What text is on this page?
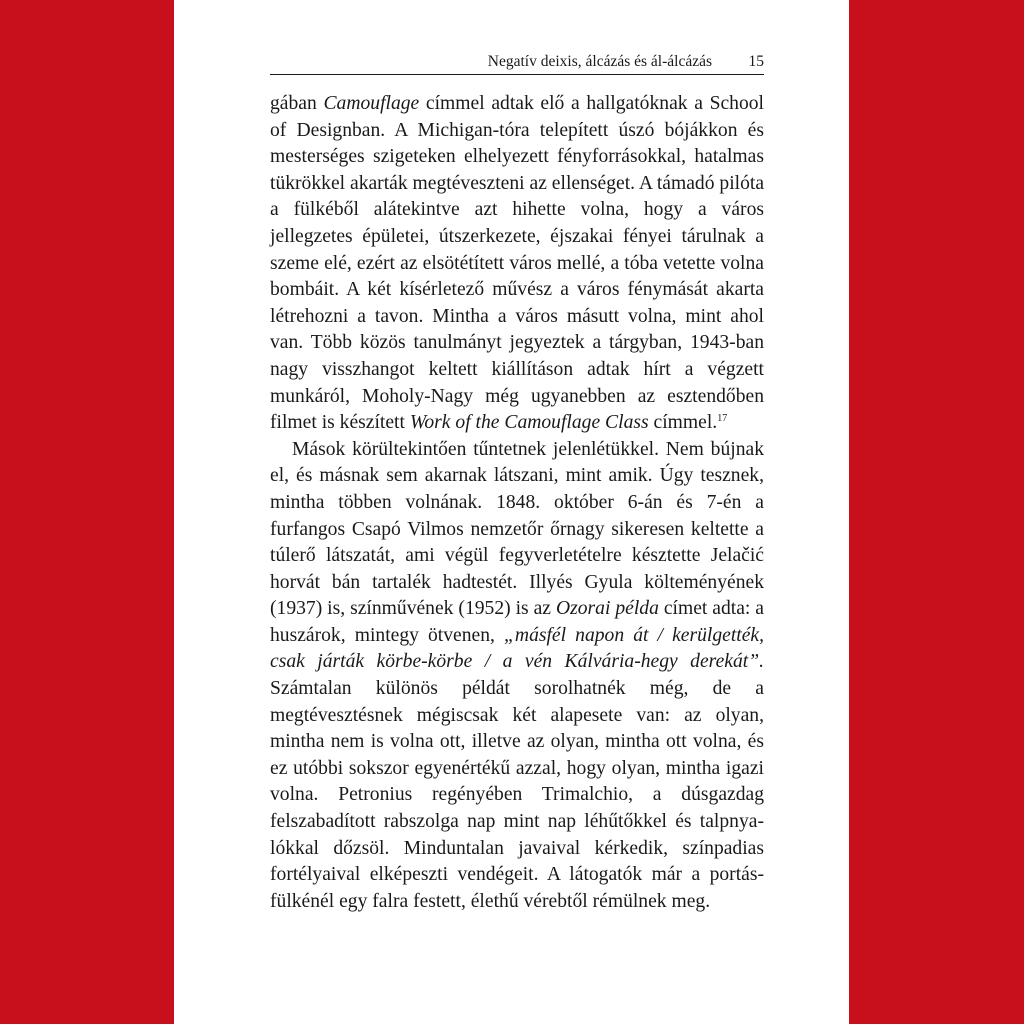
Negatív deixis, álcázás és ál-álcázás 15

gában Camouflage címmel adtak elő a hallgatóknak a School of Designban. A Michigan-tóra telepített úszó bójákkon és mesterséges szigeteken elhelyezett fényforrásokkal, hatalmas tükrökkel akarták megtéveszteni az ellenséget. A támadó pilóta a fülkéből alátekintve azt hihette volna, hogy a város jellegzetes épületei, útszerkezete, éjszakai fényei tárulnak a szeme elé, ezért az elsötétített város mellé, a tóba vetette volna bombáit. A két kísérletező művész a város fénymását akarta létrehozni a tavon. Mintha a város másutt volna, mint ahol van. Több közös tanulmányt jegyeztek a tárgyban, 1943-ban nagy visszhangot keltett kiállításon adtak hírt a végzett munkáról, Moholy-Nagy még ugyanebben az esztendőben filmet is készített Work of the Camouflage Class címmel.$^{17}$

Mások körültekintően tűntetnek jelenlétükkel. Nem bújnak el, és másnak sem akarnak látszani, mint amik. Úgy tesznek, mintha többen volnának. 1848. október 6-án és 7-én a furfangos Csapó Vilmos nemzetőr őrnagy sikeresen keltette a túlerő látszatát, ami végül fegyverletételre késztette Jelačić horvát bán tartalék hadtestét. Illyés Gyula költeményének (1937) is, színművének (1952) is az Ozorai példa címet adta: a huszárok, mintegy ötvenen, „másfél napon át / kerülgették, csak járták körbe-körbe / a vén Kálvária-hegy derekát”. Számtalan különös példát sorolhatnék még, de a megtévesztésnek mégiscsak két alapesete van: az olyan, mintha nem is volna ott, illetve az olyan, mintha ott volna, és ez utóbbi sokszor egyenértékű azzal, hogy olyan, mintha igazi volna. Petronius regényében Trimalchio, a dúsgazdag felszabadított rabszolga nap mint nap léhűtőkkel és talpnyalókkal dőzsöl. Minduntalan javaival kérkedik, színpadias fortélyaival elképeszti vendégeit. A látogatók már a portásfülkénél egy falra festett, élethű vérebtől rémülnek meg.
